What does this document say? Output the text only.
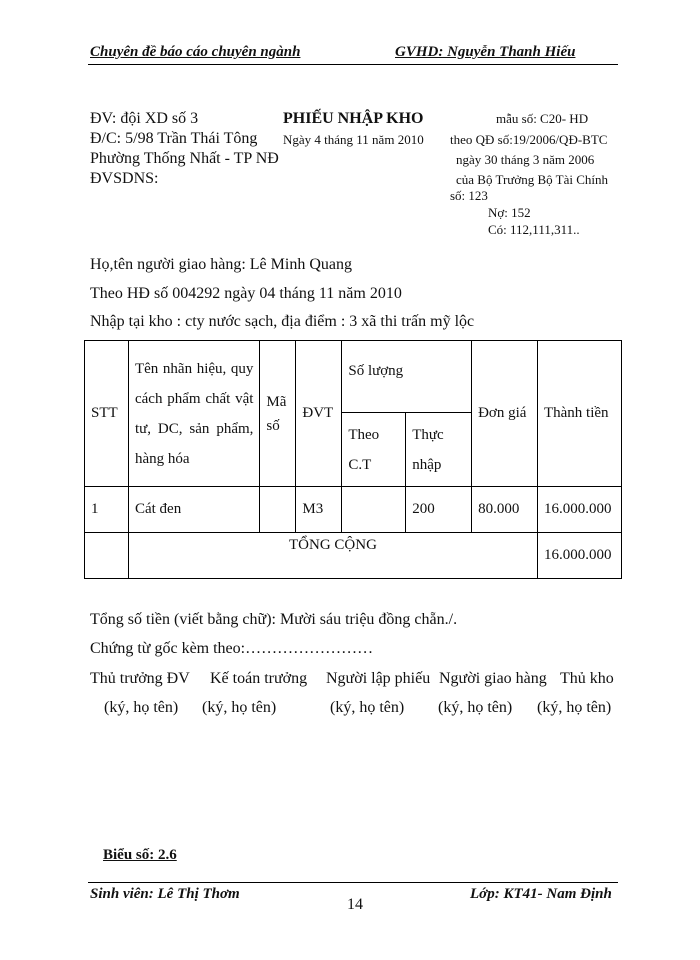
Chuyên đề báo cáo chuyên ngành	GVHD: Nguyễn Thanh Hiếu
ĐV: đội XD số 3
Đ/C: 5/98 Trần Thái Tông
Phường Thống Nhất - TP NĐ
ĐVSDNS:
PHIẾU NHẬP KHO
Ngày 4 tháng 11 năm 2010
mẫu số: C20- HD
theo QĐ số:19/2006/QĐ-BTC
ngày 30 tháng 3 năm 2006
của Bộ Trưởng Bộ Tài Chính
số: 123
Nợ: 152
Có: 112,111,311..
Họ,tên người giao hàng: Lê Minh Quang
Theo HĐ số 004292 ngày 04 tháng 11 năm 2010
Nhập tại kho : cty nước sạch, địa điểm : 3 xã thi trấn mỹ lộc
STT	Tên nhãn hiệu, quy cách phẩm chất vật tư, DC, sản phẩm, hàng hóa	Mã số	ĐVT	Số lượng		Đơn giá	Thành tiền
				Theo C.T	Thực nhập		
1	Cát đen		M3		200	80.000	16.000.000
	TỔNG CỘNG						16.000.000
Tổng số tiền (viết bằng chữ): Mười sáu triệu đồng chẵn./.
Chứng từ gốc kèm theo:……………………
Thủ trưởng ĐV Kế toán trưởng Người lập phiếu Người giao hàng Thủ kho
(ký, họ tên) (ký, họ tên)	(ký, họ tên) (ký, họ tên) (ký, họ tên)
Biểu số: 2.6
Sinh viên: Lê Thị Thơm
14
Lớp: KT41- Nam Định
